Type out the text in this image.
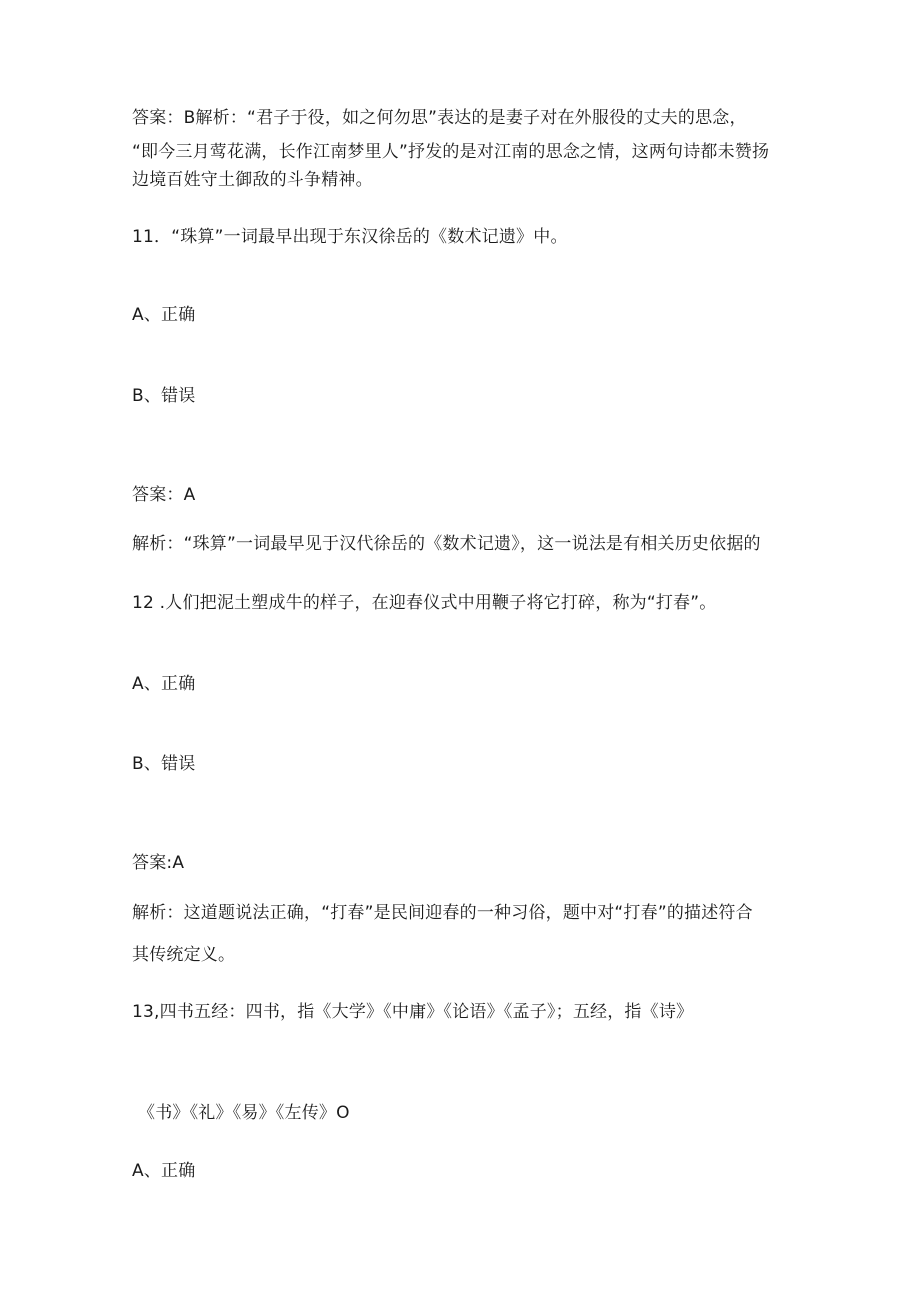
答案：B解析：“君子于役，如之何勿思”表达的是妻子对在外服役的丈夫的思念，
“即今三月莺花满，长作江南梦里人”抒发的是对江南的思念之情，这两句诗都未赞扬
边境百姓守土御敌的斗争精神。
11．“珠算”一词最早出现于东汉徐岳的《数术记遗》中。
A、正确
B、错误
答案：A
解析：“珠算”一词最早见于汉代徐岳的《数术记遗》，这一说法是有相关历史依据的
12 .人们把泥土塑成牛的样子，在迎春仪式中用鞭子将它打碎，称为“打春”。
A、正确
B、错误
答案:A
解析：这道题说法正确，“打春”是民间迎春的一种习俗，题中对“打春”的描述符合
其传统定义。
13,四书五经：四书，指《大学》《中庸》《论语》《孟子》；五经，指《诗》
《书》《礼》《易》《左传》O
A、正确
